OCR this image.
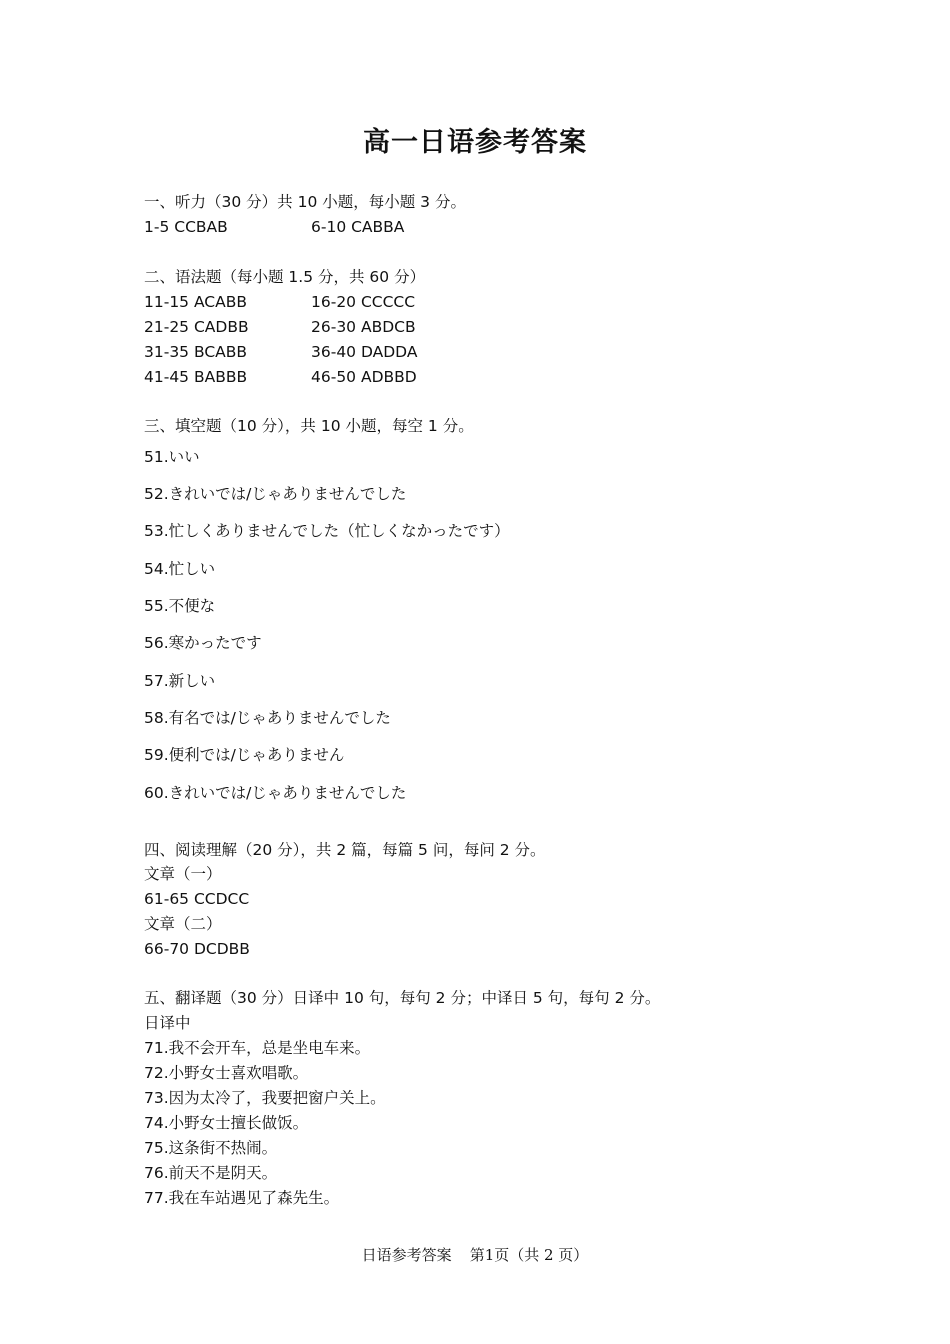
高一日语参考答案
一、听力（30 分）共 10 小题，每小题 3 分。
1-5 CCBAB	6-10 CABBA
二、语法题（每小题 1.5 分，共 60 分）
11-15 ACABB	16-20 CCCCC
21-25 CADBB	26-30 ABDCB
31-35 BCABB	36-40 DADDA
41-45 BABBB	46-50 ADBBD
三、填空题（10 分），共 10 小题，每空 1 分。
51.いい
52.きれいでは/じゃありませんでした
53.忙しくありませんでした（忙しくなかったです）
54.忙しい
55.不便な
56.寒かったです
57.新しい
58.有名では/じゃありませんでした
59.便利では/じゃありません
60.きれいでは/じゃありませんでした
四、阅读理解（20 分），共 2 篇，每篇 5 问，每问 2 分。
文章（一）
61-65 CCDCC
文章（二）
66-70 DCDBB
五、翻译题（30 分）日译中 10 句，每句 2 分；中译日 5 句，每句 2 分。
日译中
71.我不会开车，总是坐电车来。
72.小野女士喜欢唱歌。
73.因为太冷了，我要把窗户关上。
74.小野女士擅长做饭。
75.这条街不热闹。
76.前天不是阴天。
77.我在车站遇见了森先生。
日语参考答案 第1页（共 2 页）
